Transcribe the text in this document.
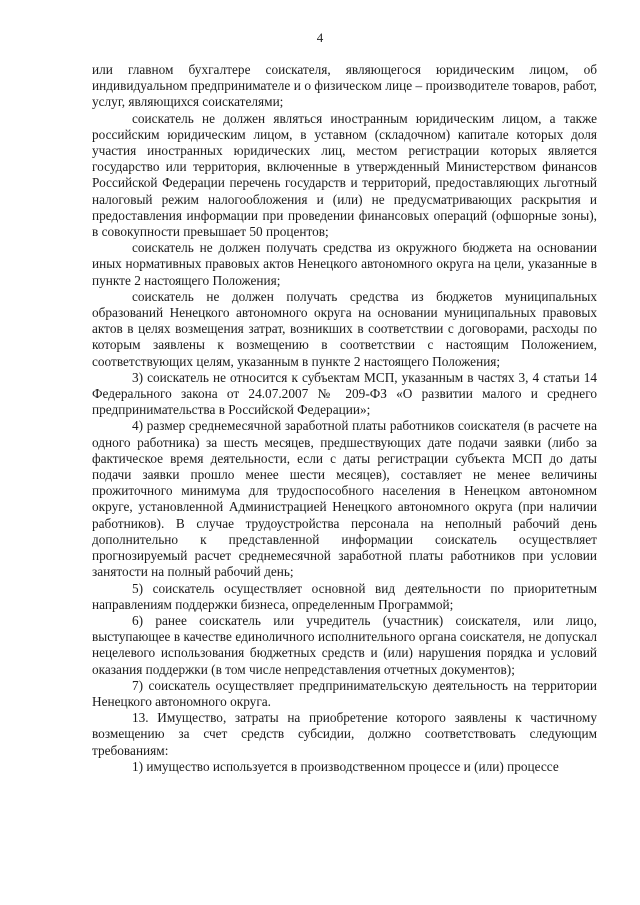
4

или главном бухгалтере соискателя, являющегося юридическим лицом, об индивидуальном предпринимателе и о физическом лице – производителе товаров, работ, услуг, являющихся соискателями;

соискатель не должен являться иностранным юридическим лицом, а также российским юридическим лицом, в уставном (складочном) капитале которых доля участия иностранных юридических лиц, местом регистрации которых является государство или территория, включенные в утвержденный Министерством финансов Российской Федерации перечень государств и территорий, предоставляющих льготный налоговый режим налогообложения и (или) не предусматривающих раскрытия и предоставления информации при проведении финансовых операций (офшорные зоны), в совокупности превышает 50 процентов;

соискатель не должен получать средства из окружного бюджета на основании иных нормативных правовых актов Ненецкого автономного округа на цели, указанные в пункте 2 настоящего Положения;

соискатель не должен получать средства из бюджетов муниципальных образований Ненецкого автономного округа на основании муниципальных правовых актов в целях возмещения затрат, возникших в соответствии с договорами, расходы по которым заявлены к возмещению в соответствии с настоящим Положением, соответствующих целям, указанным в пункте 2 настоящего Положения;

3) соискатель не относится к субъектам МСП, указанным в частях 3, 4 статьи 14 Федерального закона от 24.07.2007 № 209-ФЗ «О развитии малого и среднего предпринимательства в Российской Федерации»;

4) размер среднемесячной заработной платы работников соискателя (в расчете на одного работника) за шесть месяцев, предшествующих дате подачи заявки (либо за фактическое время деятельности, если с даты регистрации субъекта МСП до даты подачи заявки прошло менее шести месяцев), составляет не менее величины прожиточного минимума для трудоспособного населения в Ненецком автономном округе, установленной Администрацией Ненецкого автономного округа (при наличии работников). В случае трудоустройства персонала на неполный рабочий день дополнительно к представленной информации соискатель осуществляет прогнозируемый расчет среднемесячной заработной платы работников при условии занятости на полный рабочий день;

5) соискатель осуществляет основной вид деятельности по приоритетным направлениям поддержки бизнеса, определенным Программой;

6) ранее соискатель или учредитель (участник) соискателя, или лицо, выступающее в качестве единоличного исполнительного органа соискателя, не допускал нецелевого использования бюджетных средств и (или) нарушения порядка и условий оказания поддержки (в том числе непредставления отчетных документов);

7) соискатель осуществляет предпринимательскую деятельность на территории Ненецкого автономного округа.

13. Имущество, затраты на приобретение которого заявлены к частичному возмещению за счет средств субсидии, должно соответствовать следующим требованиям:

1) имущество используется в производственном процессе и (или) процессе
